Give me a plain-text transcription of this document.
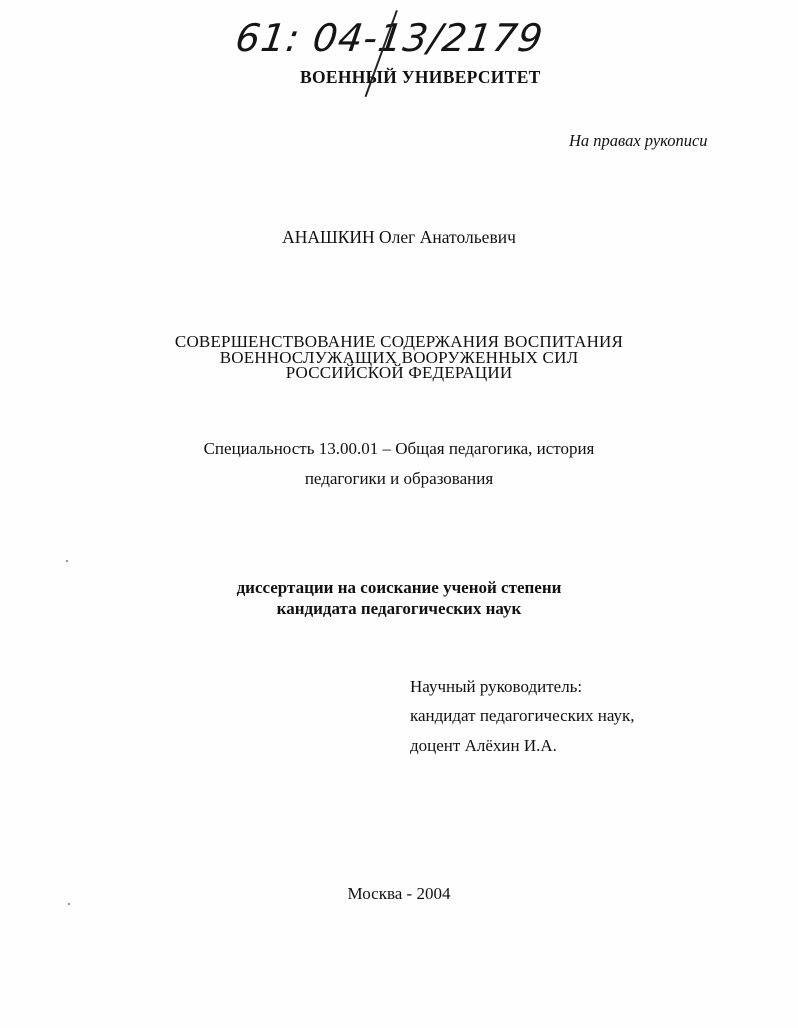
61: 04-13/2179
ВОЕННЫЙ УНИВЕРСИТЕТ
На правах рукописи
АНАШКИН Олег Анатольевич
СОВЕРШЕНСТВОВАНИЕ СОДЕРЖАНИЯ ВОСПИТАНИЯ
ВОЕННОСЛУЖАЩИХ ВООРУЖЕННЫХ СИЛ
РОССИЙСКОЙ ФЕДЕРАЦИИ
Специальность 13.00.01 – Общая педагогика, история
педагогики и образования
диссертации на соискание ученой степени
кандидата педагогических наук
Научный руководитель:
кандидат педагогических наук,
доцент Алёхин И.А.
Москва - 2004
